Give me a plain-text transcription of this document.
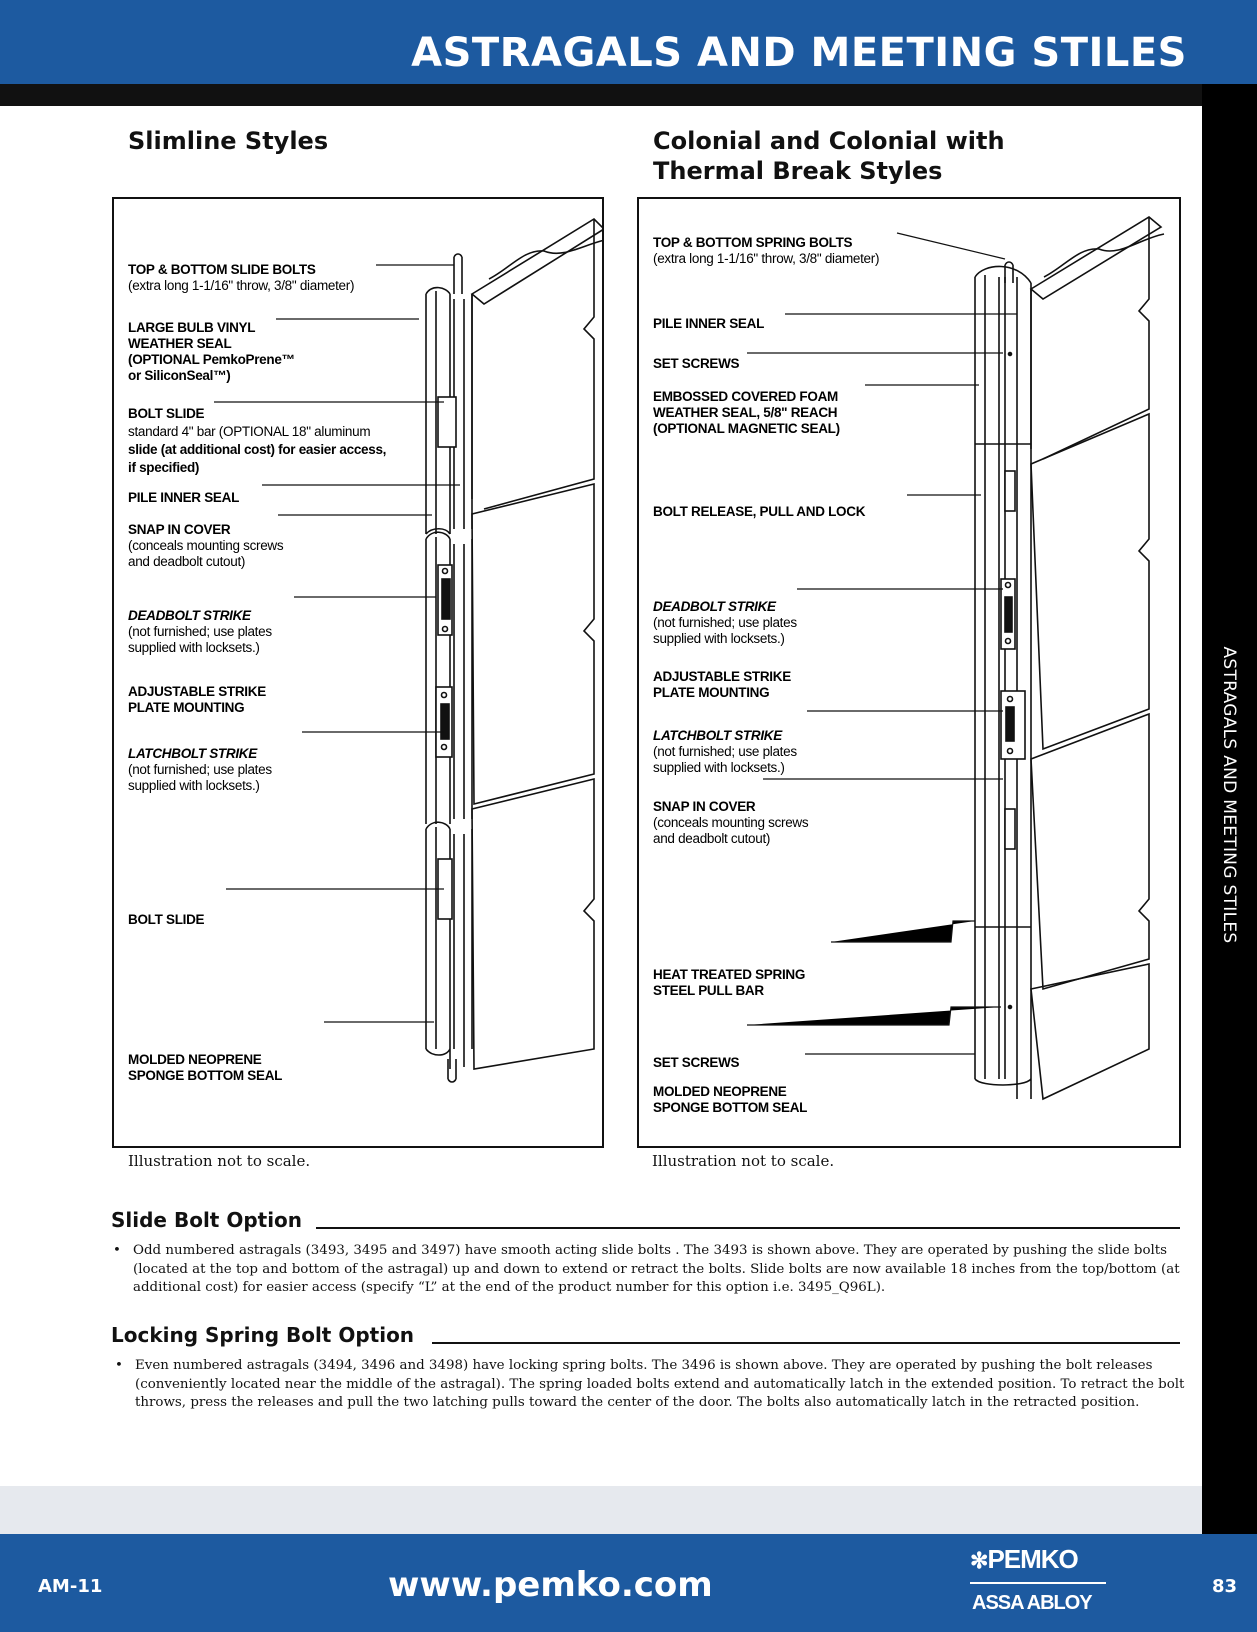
ASTRAGALS AND MEETING STILES
ASTRAGALS AND MEETING STILES
Slimline Styles	Colonial and Colonial with
Thermal Break Styles
TOP & BOTTOM SLIDE BOLTS
(extra long 1-1/16" throw, 3/8" diameter)
LARGE BULB VINYL
WEATHER SEAL
(OPTIONAL PemkoPrene™
or SiliconSeal™)
BOLT SLIDE
standard 4" bar (OPTIONAL 18" aluminum
slide (at additional cost) for easier access,
if specified)
PILE INNER SEAL
SNAP IN COVER
(conceals mounting screws
and deadbolt cutout)
DEADBOLT STRIKE
(not furnished; use plates
supplied with locksets.)
ADJUSTABLE STRIKE
PLATE MOUNTING
LATCHBOLT STRIKE
(not furnished; use plates
supplied with locksets.)
BOLT SLIDE
MOLDED NEOPRENE
SPONGE BOTTOM SEAL
TOP & BOTTOM SPRING BOLTS
(extra long 1-1/16" throw, 3/8" diameter)
PILE INNER SEAL
SET SCREWS
EMBOSSED COVERED FOAM
WEATHER SEAL, 5/8" REACH
(OPTIONAL MAGNETIC SEAL)
BOLT RELEASE, PULL AND LOCK
DEADBOLT STRIKE
(not furnished; use plates
supplied with locksets.)
ADJUSTABLE STRIKE
PLATE MOUNTING
LATCHBOLT STRIKE
(not furnished; use plates
supplied with locksets.)
SNAP IN COVER
(conceals mounting screws
and deadbolt cutout)
HEAT TREATED SPRING
STEEL PULL BAR
SET SCREWS
MOLDED NEOPRENE
SPONGE BOTTOM SEAL
Illustration not to scale.	Illustration not to scale.
Slide Bolt Option
• Odd numbered astragals (3493, 3495 and 3497) have smooth acting slide bolts . The 3493 is shown above. They are operated by pushing the slide bolts
(located at the top and bottom of the astragal) up and down to extend or retract the bolts. Slide bolts are now available 18 inches from the top/bottom (at
additional cost) for easier access (specify “L” at the end of the product number for this option i.e. 3495_Q96L).
Locking Spring Bolt Option
• Even numbered astragals (3494, 3496 and 3498) have locking spring bolts. The 3496 is shown above. They are operated by pushing the bolt releases
(conveniently located near the middle of the astragal). The spring loaded bolts extend and automatically latch in the extended position. To retract the bolt
throws, press the releases and pull the two latching pulls toward the center of the door. The bolts also automatically latch in the retracted position.
AM-11	www.pemko.com
✻PEMKO
ASSA ABLOY
83
